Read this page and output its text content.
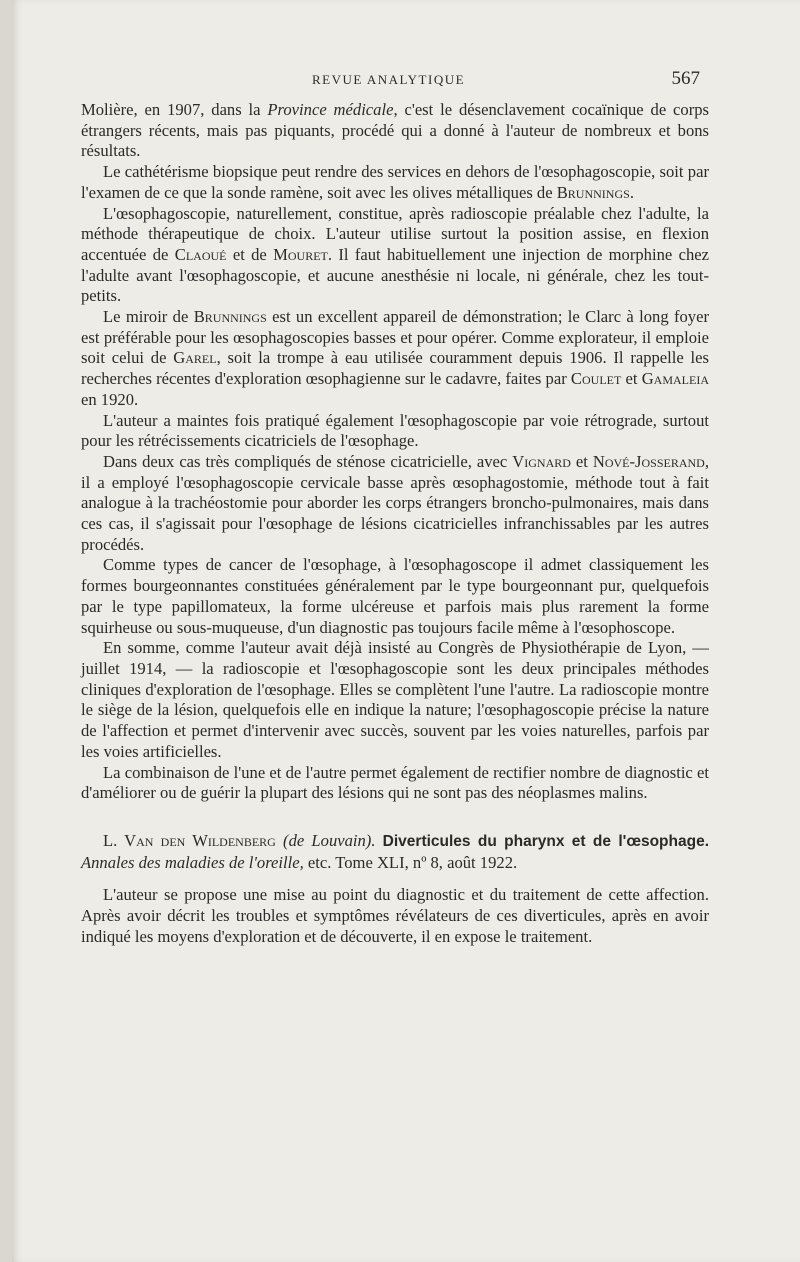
REVUE ANALYTIQUE	567

Molière, en 1907, dans la Province médicale, c'est le désenclavement cocaïnique de corps étrangers récents, mais pas piquants, procédé qui a donné à l'auteur de nombreux et bons résultats.

Le cathétérisme biopsique peut rendre des services en dehors de l'œsophagoscopie, soit par l'examen de ce que la sonde ramène, soit avec les olives métalliques de Brunnings.

L'œsophagoscopie, naturellement, constitue, après radioscopie préalable chez l'adulte, la méthode thérapeutique de choix. L'auteur utilise surtout la position assise, en flexion accentuée de Claoué et de Mouret. Il faut habituellement une injection de morphine chez l'adulte avant l'œsophagoscopie, et aucune anesthésie ni locale, ni générale, chez les tout-petits.

Le miroir de Brunnings est un excellent appareil de démonstration; le Clarc à long foyer est préférable pour les œsophagoscopies basses et pour opérer. Comme explorateur, il emploie soit celui de Garel, soit la trompe à eau utilisée couramment depuis 1906. Il rappelle les recherches récentes d'exploration œsophagienne sur le cadavre, faites par Coulet et Gamaleia en 1920.

L'auteur a maintes fois pratiqué également l'œsophagoscopie par voie rétrograde, surtout pour les rétrécissements cicatriciels de l'œsophage.

Dans deux cas très compliqués de sténose cicatricielle, avec Vignard et Nové-Josserand, il a employé l'œsophagoscopie cervicale basse après œsophagostomie, méthode tout à fait analogue à la trachéostomie pour aborder les corps étrangers broncho-pulmonaires, mais dans ces cas, il s'agissait pour l'œsophage de lésions cicatricielles infranchissables par les autres procédés.

Comme types de cancer de l'œsophage, à l'œsophagoscope il admet classiquement les formes bourgeonnantes constituées généralement par le type bourgeonnant pur, quelquefois par le type papillomateux, la forme ulcéreuse et parfois mais plus rarement la forme squirheuse ou sous-muqueuse, d'un diagnostic pas toujours facile même à l'œsophoscope.

En somme, comme l'auteur avait déjà insisté au Congrès de Physiothérapie de Lyon, — juillet 1914, — la radioscopie et l'œsophagoscopie sont les deux principales méthodes cliniques d'exploration de l'œsophage. Elles se complètent l'une l'autre. La radioscopie montre le siège de la lésion, quelquefois elle en indique la nature; l'œsophagoscopie précise la nature de l'affection et permet d'intervenir avec succès, souvent par les voies naturelles, parfois par les voies artificielles.

La combinaison de l'une et de l'autre permet également de rectifier nombre de diagnostic et d'améliorer ou de guérir la plupart des lésions qui ne sont pas des néoplasmes malins.

L. Van den Wildenberg (de Louvain). Diverticules du pharynx et de l'œsophage. Annales des maladies de l'oreille, etc. Tome XLI, nº 8, août 1922.

L'auteur se propose une mise au point du diagnostic et du traitement de cette affection. Après avoir décrit les troubles et symptômes révélateurs de ces diverticules, après en avoir indiqué les moyens d'exploration et de découverte, il en expose le traitement.
